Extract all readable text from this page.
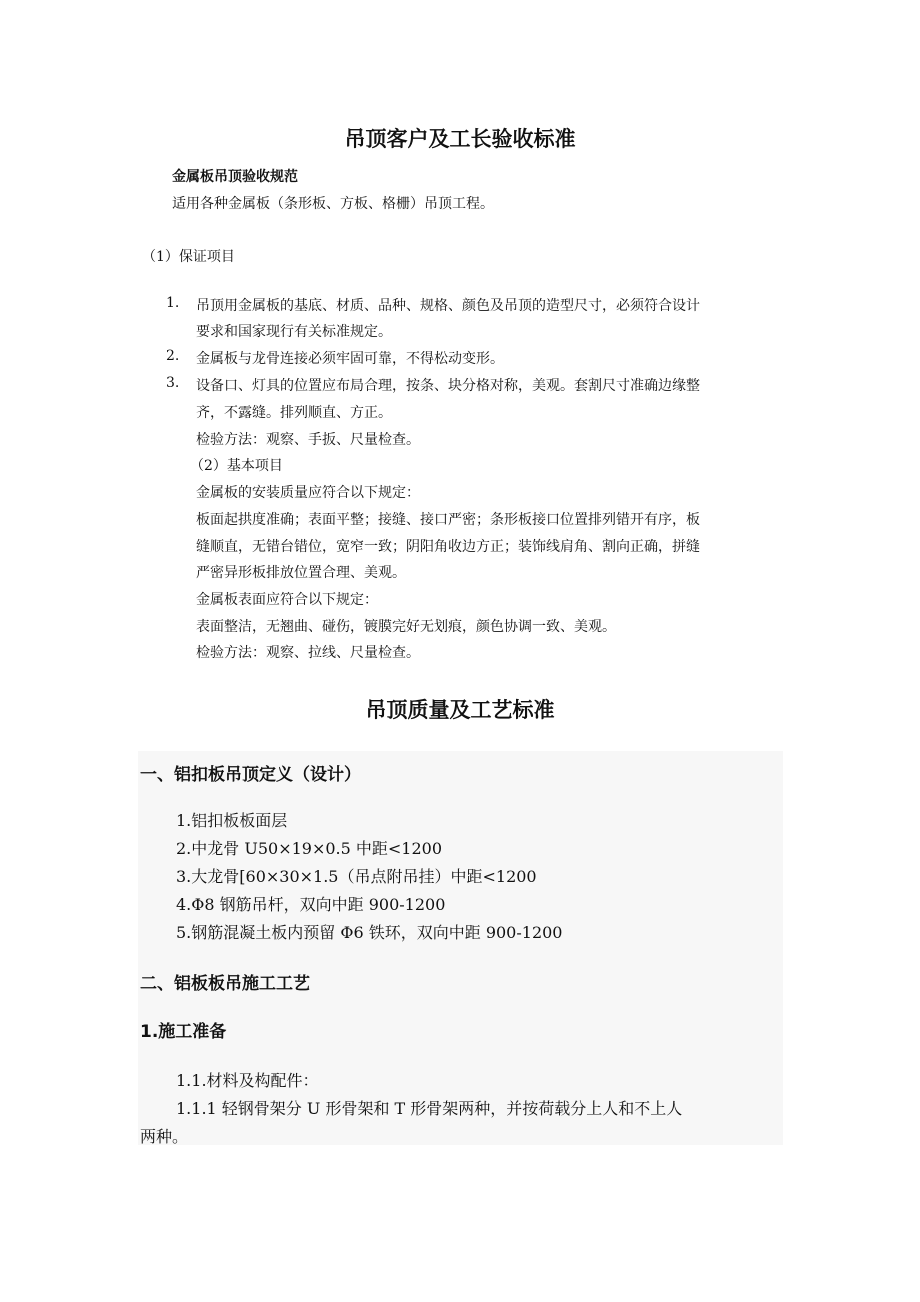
吊顶客户及工长验收标准
金属板吊顶验收规范
适用各种金属板（条形板、方板、格栅）吊顶工程。
（1）保证项目
1. 吊顶用金属板的基底、材质、品种、规格、颜色及吊顶的造型尺寸，必须符合设计
要求和国家现行有关标准规定。
2. 金属板与龙骨连接必须牢固可靠，不得松动变形。
3. 设备口、灯具的位置应布局合理，按条、块分格对称，美观。套割尺寸准确边缘整
齐，不露缝。排列顺直、方正。
检验方法：观察、手扳、尺量检查。
（2）基本项目
金属板的安装质量应符合以下规定：
板面起拱度准确；表面平整；接缝、接口严密；条形板接口位置排列错开有序，板
缝顺直，无错台错位，宽窄一致；阴阳角收边方正；装饰线肩角、割向正确，拼缝
严密异形板排放位置合理、美观。
金属板表面应符合以下规定：
表面整洁，无翘曲、碰伤，镀膜完好无划痕，颜色协调一致、美观。
检验方法：观察、拉线、尺量检查。
吊顶质量及工艺标准
一、铝扣板吊顶定义（设计）
1.铝扣板板面层
2.中龙骨 U50×19×0.5 中距<1200
3.大龙骨[60×30×1.5（吊点附吊挂）中距<1200
4.Φ8 钢筋吊杆，双向中距 900-1200
5.钢筋混凝土板内预留 Φ6 铁环，双向中距 900-1200
二、铝板板吊施工工艺
1.施工准备
1.1.材料及构配件：
1.1.1 轻钢骨架分 U 形骨架和 T 形骨架两种，并按荷载分上人和不上人
两种。
